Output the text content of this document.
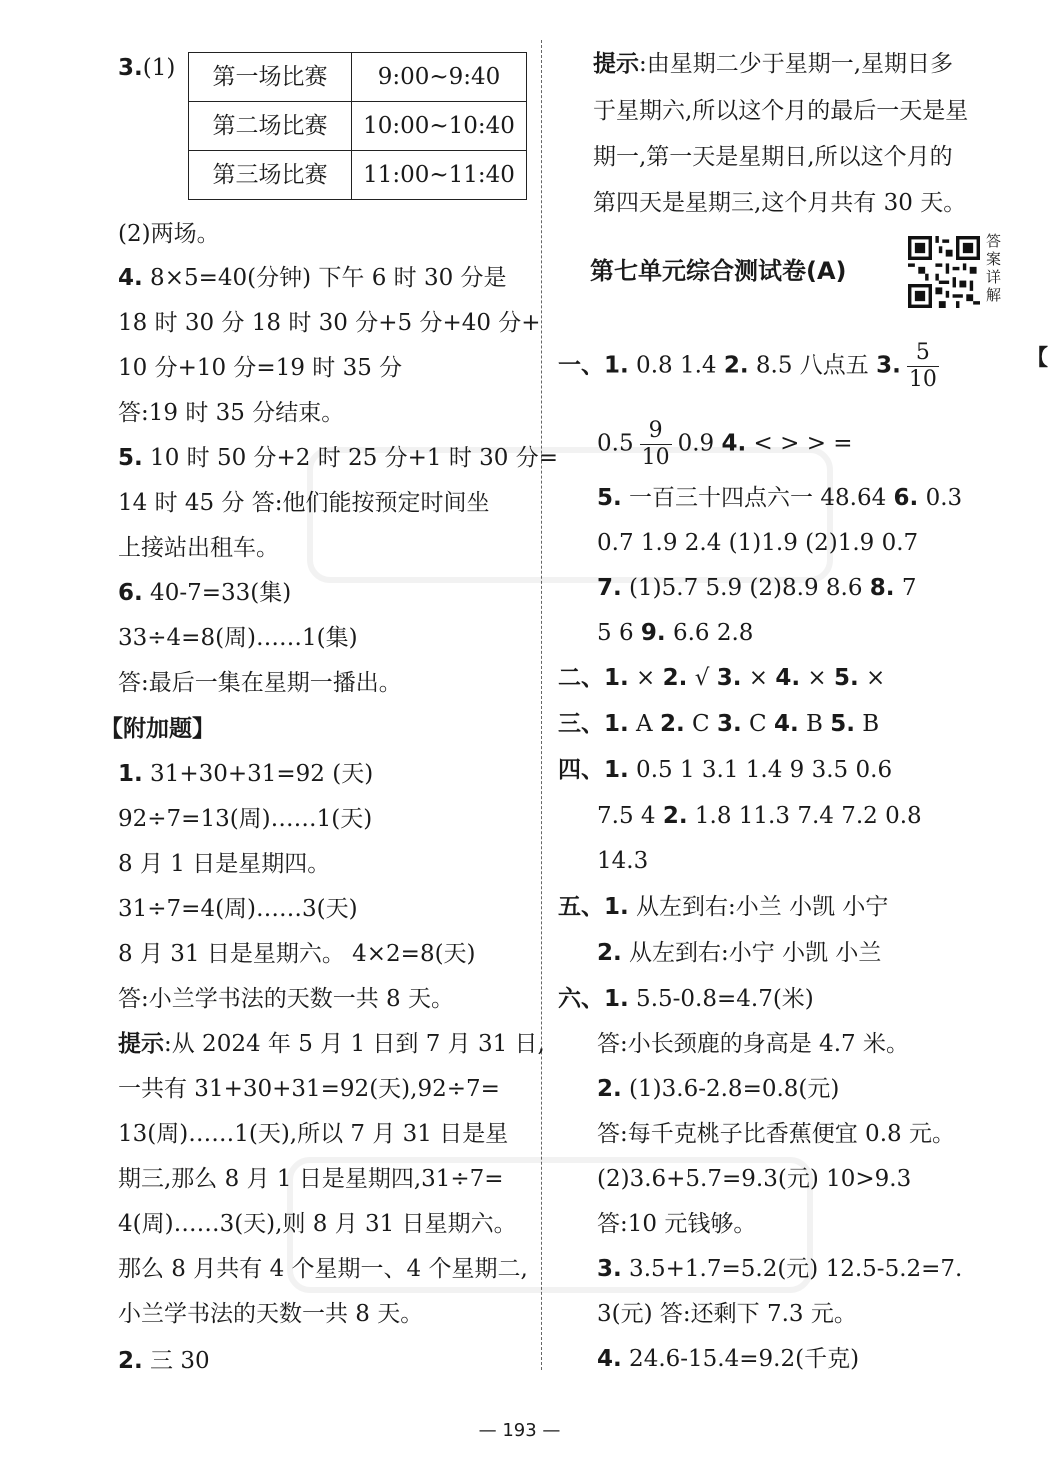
3.(1) 第一场比赛	9:00~9:40
第二场比赛	10:00~10:40
第三场比赛	11:00~11:40
(2)两场。
4. 8×5=40(分钟) 下午 6 时 30 分是
18 时 30 分 18 时 30 分+5 分+40 分+
10 分+10 分=19 时 35 分
答:19 时 35 分结束。
5. 10 时 50 分+2 时 25 分+1 时 30 分=
14 时 45 分 答:他们能按预定时间坐
上接站出租车。
6. 40-7=33(集)
33÷4=8(周)……1(集)
答:最后一集在星期一播出。
【附加题】
1. 31+30+31=92 (天)
92÷7=13(周)……1(天)
8 月 1 日是星期四。
31÷7=4(周)……3(天)
8 月 31 日是星期六。 4×2=8(天)
答:小兰学书法的天数一共 8 天。
提示:从 2024 年 5 月 1 日到 7 月 31 日,
一共有 31+30+31=92(天),92÷7=
13(周)……1(天),所以 7 月 31 日是星
期三,那么 8 月 1 日是星期四,31÷7=
4(周)……3(天),则 8 月 31 日星期六。
那么 8 月共有 4 个星期一、4 个星期二,
小兰学书法的天数一共 8 天。
2. 三 30
提示:由星期二少于星期一,星期日多
于星期六,所以这个月的最后一天是星
期一,第一天是星期日,所以这个月的
第四天是星期三,这个月共有 30 天。
第七单元综合测试卷(A)
答案详解
一、1. 0.8 1.4 2. 8.5 八点五 3. $\frac{5}{10}$
$0.5 \frac{9}{10} 0.9$ 4. < > > =
5. 一百三十四点六一 48.64 6. 0.3
0.7 1.9 2.4 (1)1.9 (2)1.9 0.7
7. (1)5.7 5.9 (2)8.9 8.6 8. 7
5 6 9. 6.6 2.8
二、1. × 2. √ 3. × 4. × 5. ×
三、1. A 2. C 3. C 4. B 5. B
四、1. 0.5 1 3.1 1.4 9 3.5 0.6
7.5 4 2. 1.8 11.3 7.4 7.2 0.8
14.3
五、1. 从左到右:小兰 小凯 小宁
2. 从左到右:小宁 小凯 小兰
六、1. 5.5-0.8=4.7(米)
答:小长颈鹿的身高是 4.7 米。
2. (1)3.6-2.8=0.8(元)
答:每千克桃子比香蕉便宜 0.8 元。
(2)3.6+5.7=9.3(元) 10>9.3
答:10 元钱够。
3. 3.5+1.7=5.2(元) 12.5-5.2=7.
3(元) 答:还剩下 7.3 元。
4. 24.6-15.4=9.2(千克)
【
— 193 —
